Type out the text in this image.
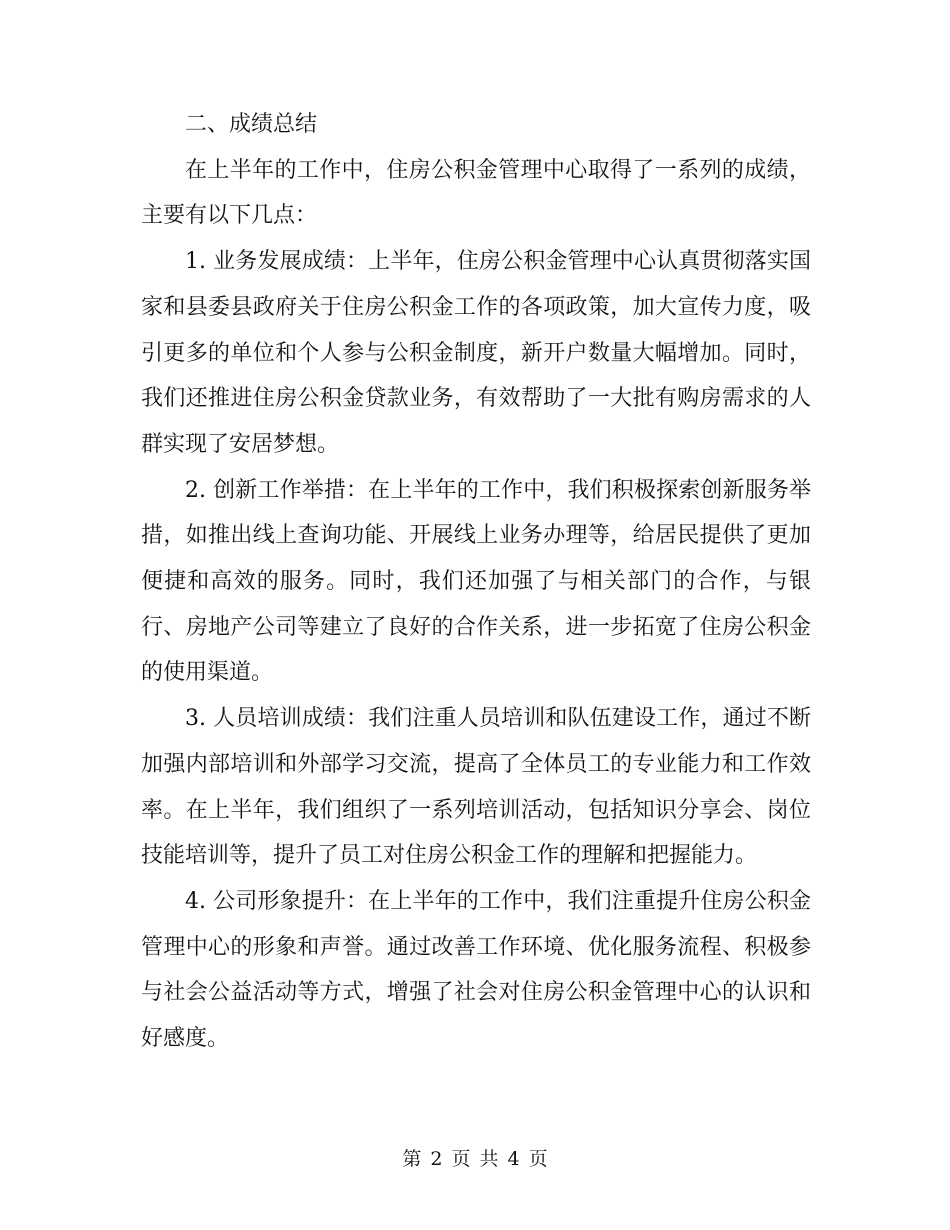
二、成绩总结

在上半年的工作中，住房公积金管理中心取得了一系列的成绩，主要有以下几点：

1. 业务发展成绩：上半年，住房公积金管理中心认真贯彻落实国家和县委县政府关于住房公积金工作的各项政策，加大宣传力度，吸引更多的单位和个人参与公积金制度，新开户数量大幅增加。同时，我们还推进住房公积金贷款业务，有效帮助了一大批有购房需求的人群实现了安居梦想。

2. 创新工作举措：在上半年的工作中，我们积极探索创新服务举措，如推出线上查询功能、开展线上业务办理等，给居民提供了更加便捷和高效的服务。同时，我们还加强了与相关部门的合作，与银行、房地产公司等建立了良好的合作关系，进一步拓宽了住房公积金的使用渠道。

3. 人员培训成绩：我们注重人员培训和队伍建设工作，通过不断加强内部培训和外部学习交流，提高了全体员工的专业能力和工作效率。在上半年，我们组织了一系列培训活动，包括知识分享会、岗位技能培训等，提升了员工对住房公积金工作的理解和把握能力。

4. 公司形象提升：在上半年的工作中，我们注重提升住房公积金管理中心的形象和声誉。通过改善工作环境、优化服务流程、积极参与社会公益活动等方式，增强了社会对住房公积金管理中心的认识和好感度。

第 2 页 共 4 页
